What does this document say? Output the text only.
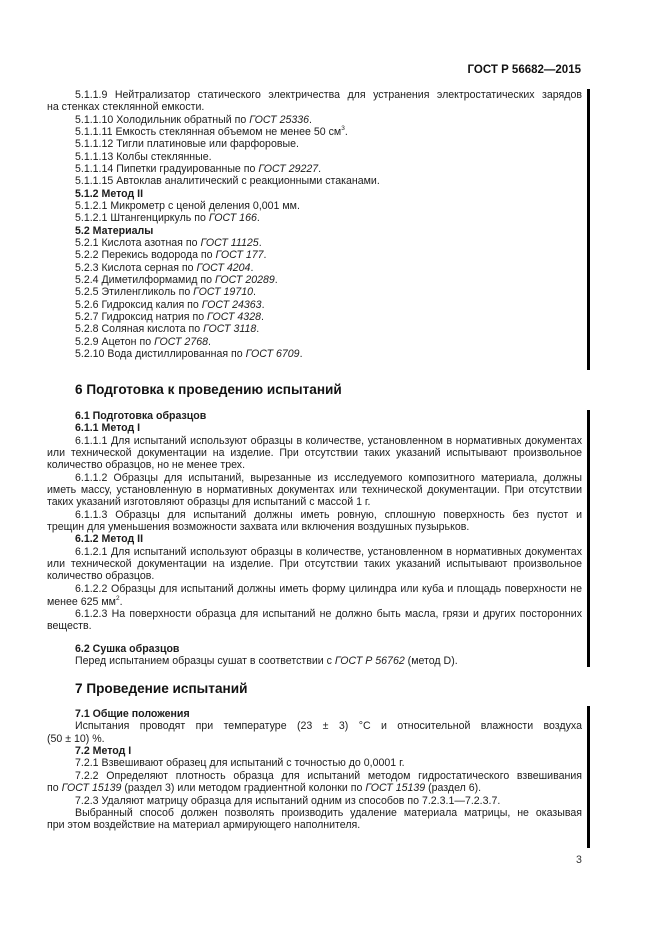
ГОСТ Р 56682—2015
5.1.1.9 Нейтрализатор статического электричества для устранения электростатических зарядов
на стенках стеклянной емкости.
5.1.1.10 Холодильник обратный по ГОСТ 25336.
5.1.1.11 Емкость стеклянная объемом не менее 50 $см^3$.
5.1.1.12 Тигли платиновые или фарфоровые.
5.1.1.13 Колбы стеклянные.
5.1.1.14 Пипетки градуированные по ГОСТ 29227.
5.1.1.15 Автоклав аналитический с реакционными стаканами.
5.1.2 Метод II
5.1.2.1 Микрометр с ценой деления 0,001 мм.
5.1.2.1 Штангенциркуль по ГОСТ 166.
5.2 Материалы
5.2.1 Кислота азотная по ГОСТ 11125.
5.2.2 Перекись водорода по ГОСТ 177.
5.2.3 Кислота серная по ГОСТ 4204.
5.2.4 Диметилформамид по ГОСТ 20289.
5.2.5 Этиленгликоль по ГОСТ 19710.
5.2.6 Гидроксид калия по ГОСТ 24363.
5.2.7 Гидроксид натрия по ГОСТ 4328.
5.2.8 Соляная кислота по ГОСТ 3118.
5.2.9 Ацетон по ГОСТ 2768.
5.2.10 Вода дистиллированная по ГОСТ 6709.
6 Подготовка к проведению испытаний
6.1 Подготовка образцов
6.1.1 Метод I
6.1.1.1 Для испытаний используют образцы в количестве, установленном в нормативных документах
или технической документации на изделие. При отсутствии таких указаний испытывают произвольное
количество образцов, но не менее трех.
6.1.1.2 Образцы для испытаний, вырезанные из исследуемого композитного материала, должны
иметь массу, установленную в нормативных документах или технической документации. При отсутствии
таких указаний изготовляют образцы для испытаний с массой 1 г.
6.1.1.3 Образцы для испытаний должны иметь ровную, сплошную поверхность без пустот и
трещин для уменьшения возможности захвата или включения воздушных пузырьков.
6.1.2 Метод II
6.1.2.1 Для испытаний используют образцы в количестве, установленном в нормативных документах
или технической документации на изделие. При отсутствии таких указаний испытывают произвольное
количество образцов.
6.1.2.2 Образцы для испытаний должны иметь форму цилиндра или куба и площадь поверхности не
менее 625 $мм^2$.
6.1.2.3 На поверхности образца для испытаний не должно быть масла, грязи и других посторонних
веществ.
6.2 Сушка образцов
Перед испытанием образцы сушат в соответствии с ГОСТ Р 56762 (метод D).
7 Проведение испытаний
7.1 Общие положения
Испытания проводят при температуре (23 ± 3) °С и относительной влажности воздуха
(50 ± 10) %.
7.2 Метод I
7.2.1 Взвешивают образец для испытаний с точностью до 0,0001 г.
7.2.2 Определяют плотность образца для испытаний методом гидростатического взвешивания
по ГОСТ 15139 (раздел 3) или методом градиентной колонки по ГОСТ 15139 (раздел 6).
7.2.3 Удаляют матрицу образца для испытаний одним из способов по 7.2.3.1—7.2.3.7.
Выбранный способ должен позволять производить удаление материала матрицы, не оказывая
при этом воздействие на материал армирующего наполнителя.
3
